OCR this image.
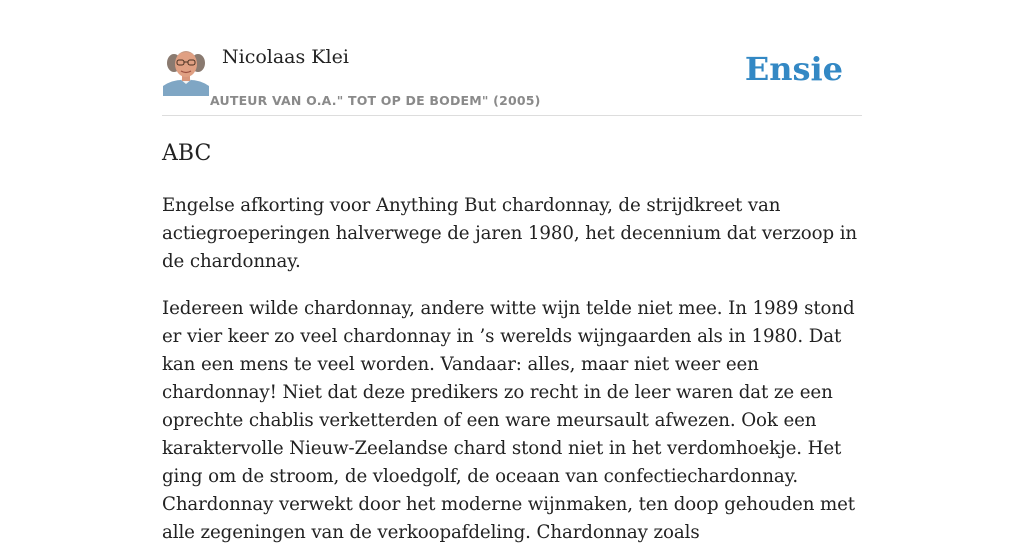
Nicolaas Klei
AUTEUR VAN O.A." TOT OP DE BODEM" (2005)
Ensie
ABC

Engelse afkorting voor Anything But chardonnay, de strijdkreet van actiegroeperingen halverwege de jaren 1980, het decennium dat verzoop in de chardonnay.

Iedereen wilde chardonnay, andere witte wijn telde niet mee. In 1989 stond er vier keer zo veel chardonnay in ’s werelds wijngaarden als in 1980. Dat kan een mens te veel worden. Vandaar: alles, maar niet weer een chardonnay! Niet dat deze predikers zo recht in de leer waren dat ze een oprechte chablis verketterden of een ware meursault afwezen. Ook een karaktervolle Nieuw-Zeelandse chard stond niet in het verdomhoekje. Het ging om de stroom, de vloedgolf, de oceaan van confectiechardonnay. Chardonnay verwekt door het moderne wijnmaken, ten doop gehouden met alle zegeningen van de verkoopafdeling. Chardonnay zoals
